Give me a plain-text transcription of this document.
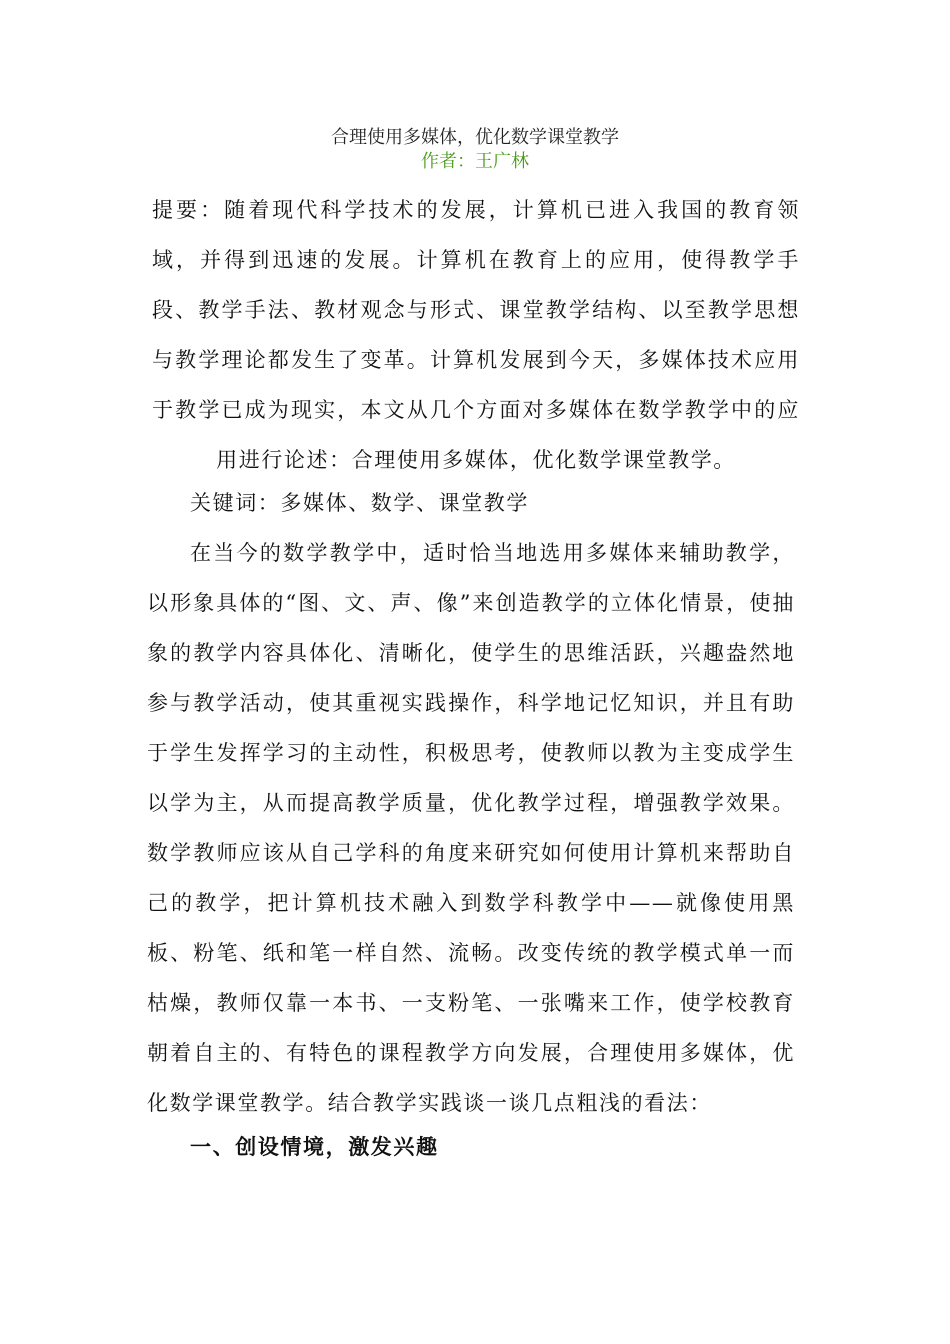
合理使用多媒体，优化数学课堂教学
作者：王广林

提要：随着现代科学技术的发展，计算机已进入我国的教育领域，并得到迅速的发展。计算机在教育上的应用，使得教学手段、教学手法、教材观念与形式、课堂教学结构、以至教学思想与教学理论都发生了变革。计算机发展到今天，多媒体技术应用于教学已成为现实，本文从几个方面对多媒体在数学教学中的应用进行论述：合理使用多媒体，优化数学课堂教学。

关键词：多媒体、数学、课堂教学

在当今的数学教学中，适时恰当地选用多媒体来辅助教学，以形象具体的“图、文、声、像”来创造教学的立体化情景，使抽象的教学内容具体化、清晰化，使学生的思维活跃，兴趣盎然地参与教学活动，使其重视实践操作，科学地记忆知识，并且有助于学生发挥学习的主动性，积极思考，使教师以教为主变成学生以学为主，从而提高教学质量，优化教学过程，增强教学效果。数学教师应该从自己学科的角度来研究如何使用计算机来帮助自己的教学，把计算机技术融入到数学科教学中——就像使用黑板、粉笔、纸和笔一样自然、流畅。改变传统的教学模式单一而枯燥，教师仅靠一本书、一支粉笔、一张嘴来工作，使学校教育朝着自主的、有特色的课程教学方向发展，合理使用多媒体，优化数学课堂教学。结合教学实践谈一谈几点粗浅的看法：

一、创设情境，激发兴趣
